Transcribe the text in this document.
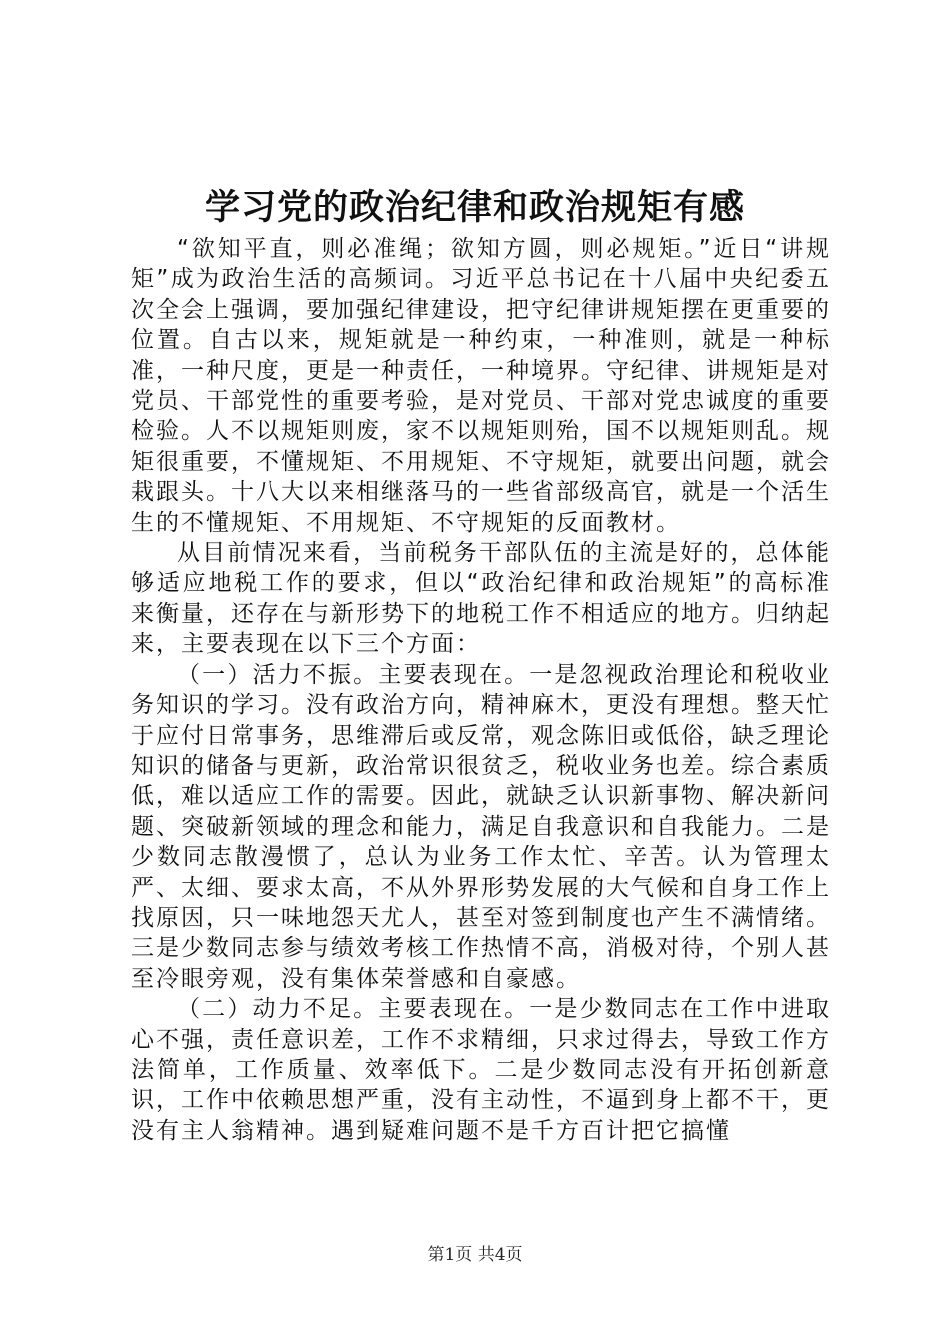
学习党的政治纪律和政治规矩有感

“欲知平直，则必准绳；欲知方圆，则必规矩。”近日“讲规矩”成为政治生活的高频词。习近平总书记在十八届中央纪委五次全会上强调，要加强纪律建设，把守纪律讲规矩摆在更重要的位置。自古以来，规矩就是一种约束，一种准则，就是一种标准，一种尺度，更是一种责任，一种境界。守纪律、讲规矩是对党员、干部党性的重要考验，是对党员、干部对党忠诚度的重要检验。人不以规矩则废，家不以规矩则殆，国不以规矩则乱。规矩很重要，不懂规矩、不用规矩、不守规矩，就要出问题，就会栽跟头。十八大以来相继落马的一些省部级高官，就是一个活生生的不懂规矩、不用规矩、不守规矩的反面教材。

从目前情况来看，当前税务干部队伍的主流是好的，总体能够适应地税工作的要求，但以“政治纪律和政治规矩”的高标准来衡量，还存在与新形势下的地税工作不相适应的地方。归纳起来，主要表现在以下三个方面：

（一）活力不振。主要表现在。一是忽视政治理论和税收业务知识的学习。没有政治方向，精神麻木，更没有理想。整天忙于应付日常事务，思维滞后或反常，观念陈旧或低俗，缺乏理论知识的储备与更新，政治常识很贫乏，税收业务也差。综合素质低，难以适应工作的需要。因此，就缺乏认识新事物、解决新问题、突破新领域的理念和能力，满足自我意识和自我能力。二是少数同志散漫惯了，总认为业务工作太忙、辛苦。认为管理太严、太细、要求太高，不从外界形势发展的大气候和自身工作上找原因，只一味地怨天尤人，甚至对签到制度也产生不满情绪。三是少数同志参与绩效考核工作热情不高，消极对待，个别人甚至冷眼旁观，没有集体荣誉感和自豪感。

（二）动力不足。主要表现在。一是少数同志在工作中进取心不强，责任意识差，工作不求精细，只求过得去，导致工作方法简单，工作质量、效率低下。二是少数同志没有开拓创新意识，工作中依赖思想严重，没有主动性，不逼到身上都不干，更没有主人翁精神。遇到疑难问题不是千方百计把它搞懂

第1页 共4页
